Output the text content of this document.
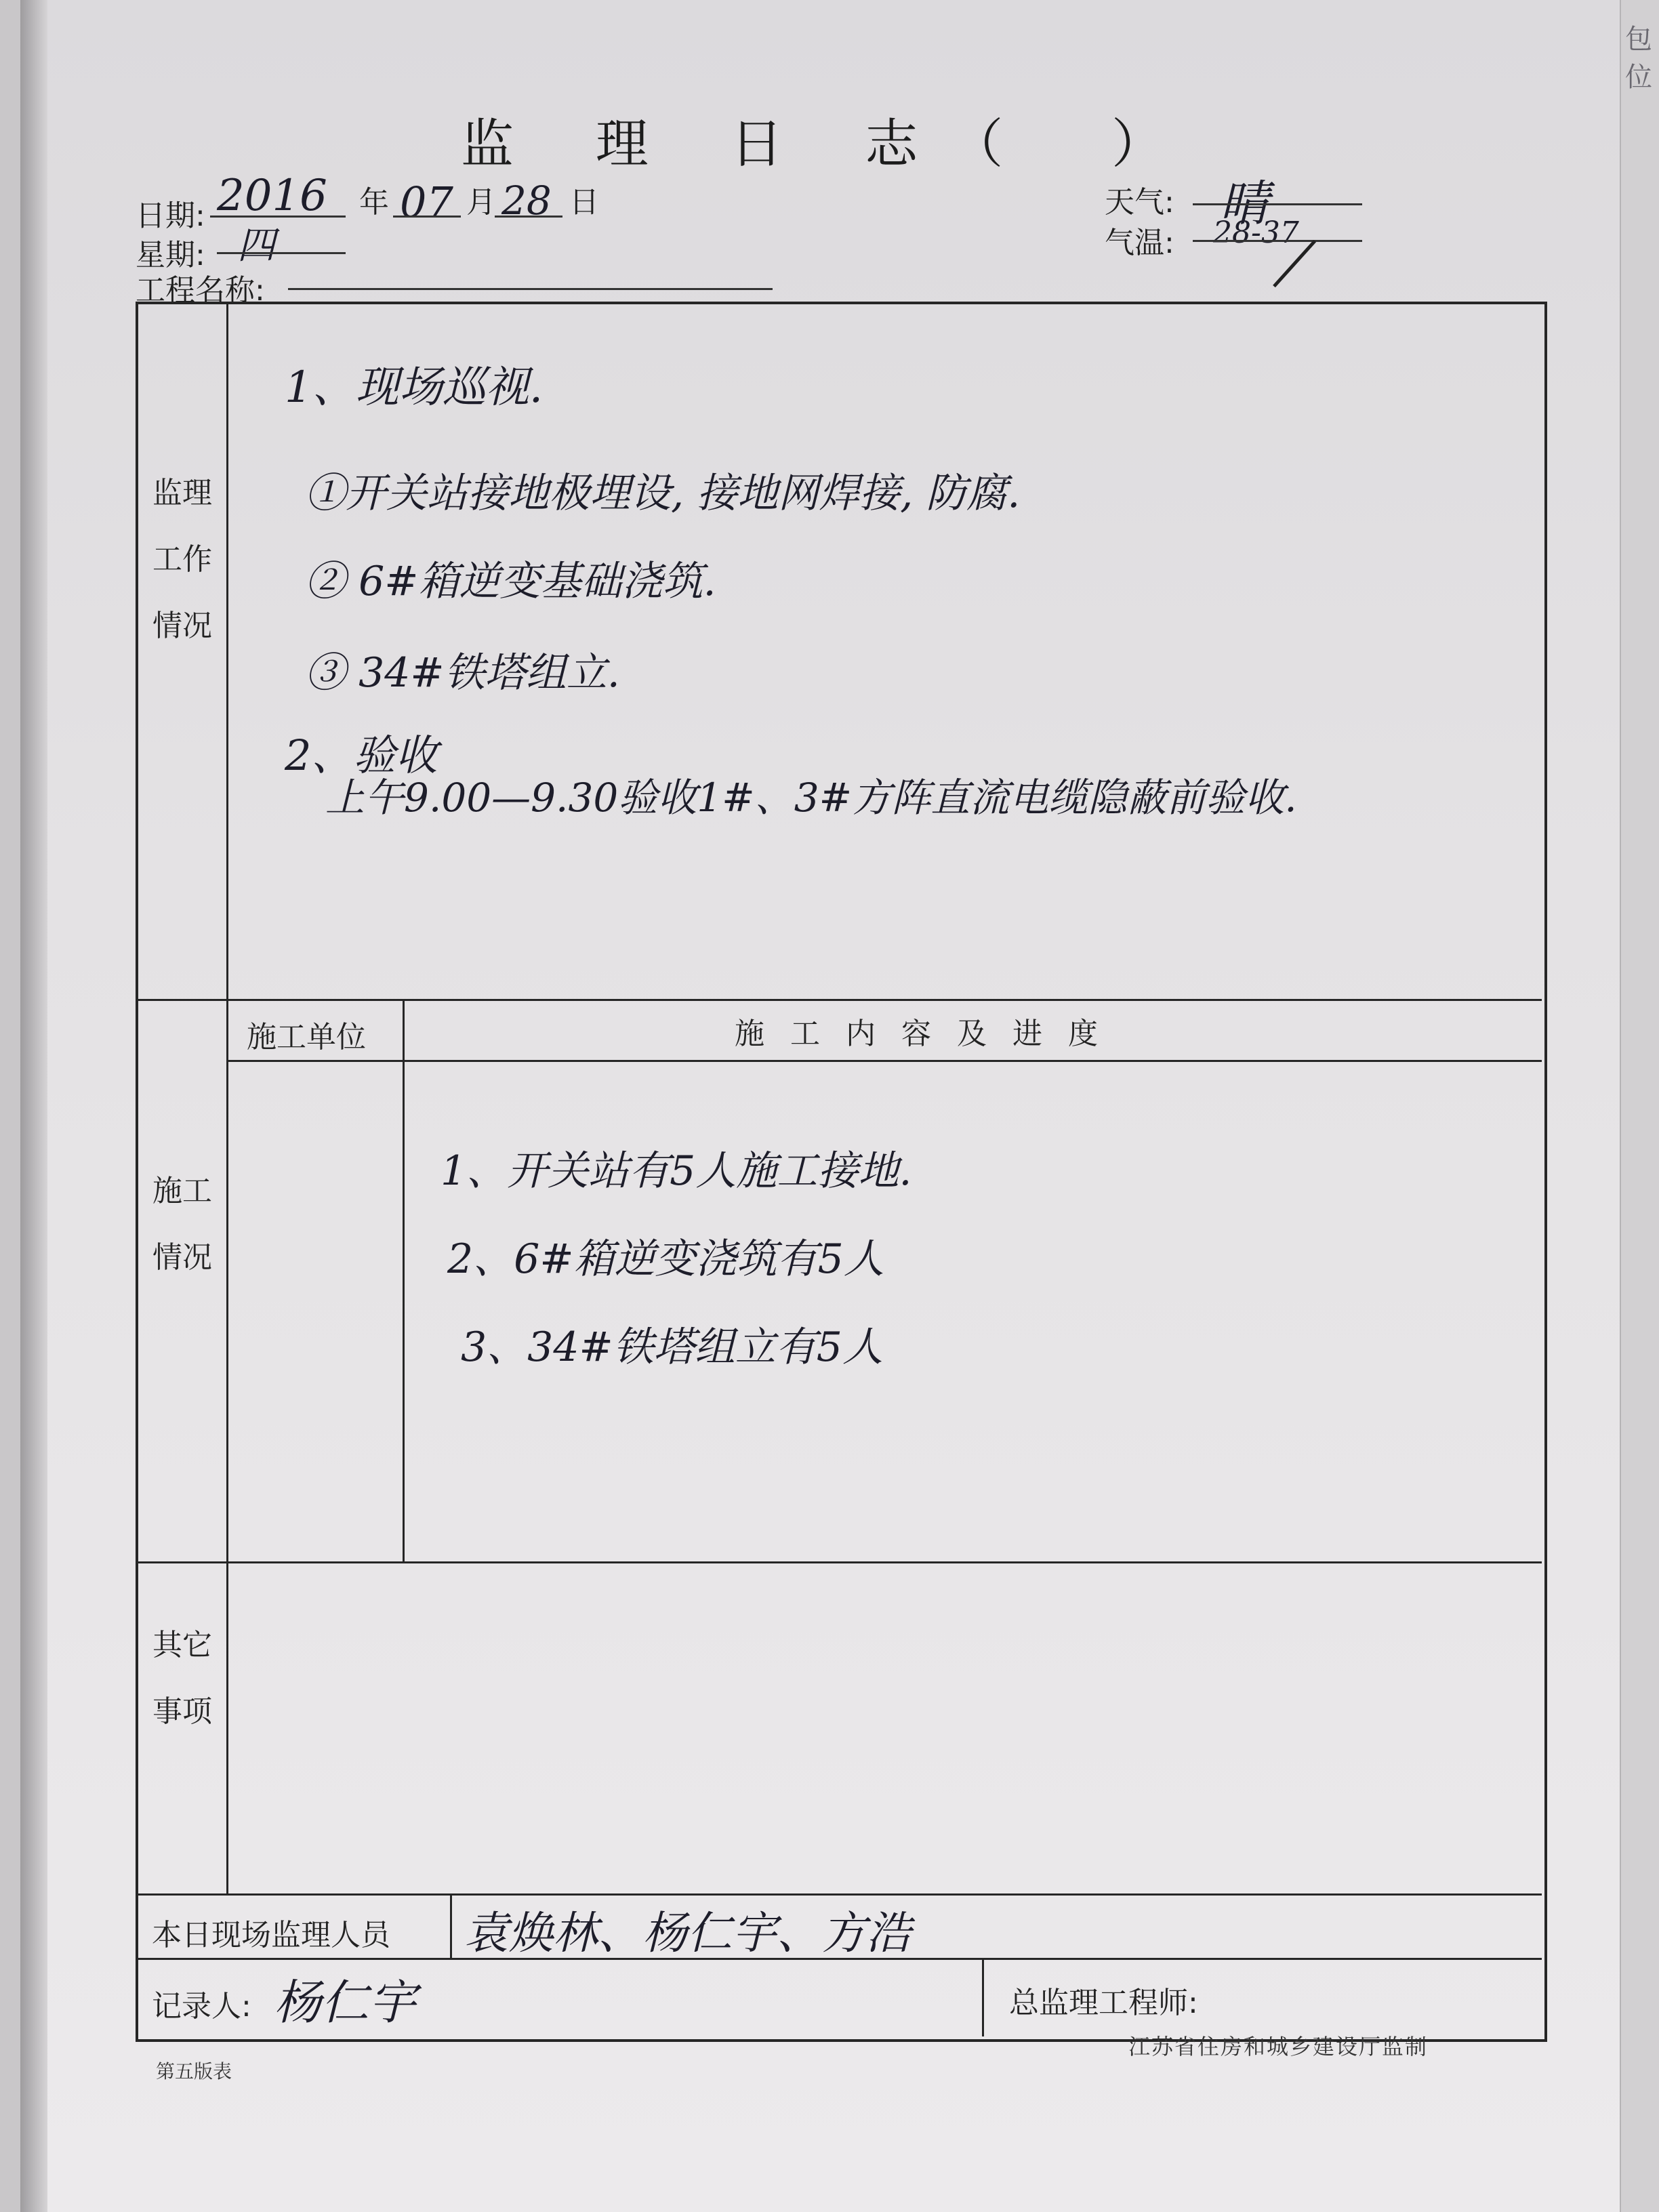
包位
监 理 日 志（ ）
日期: 2016 年 07 月 28 日
星期: 四
工程名称:
天气: 晴
气温: 28-37
监理工作情况
施工情况
其它事项
施工单位	施工内容及进度
本日现场监理人员 袁焕林、杨仁宇、方浩
记录人: 杨仁宇	总监理工程师:
1、现场巡视.
①开关站接地极埋设, 接地网焊接, 防腐.
② 6#箱逆变基础浇筑.
③ 34#铁塔组立.
2、验收
上午9.00—9.30验收1#、3#方阵直流电缆隐蔽前验收.
1、开关站有5人施工接地.
2、6#箱逆变浇筑有5人
3、34#铁塔组立有5人
第五版表
江苏省住房和城乡建设厅监制
